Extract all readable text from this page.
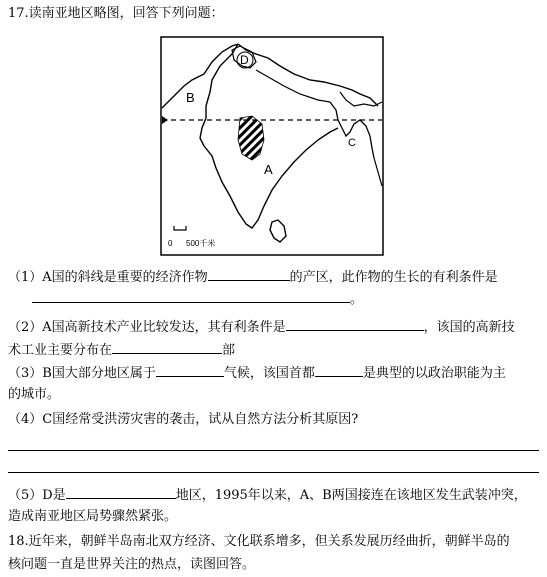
17.读南亚地区略图，回答下列问题：
A
B
C
D
0 500千米
（1）A国的斜线是重要的经济作物	的产区，此作物的生长的有利条件是
。
（2）A国高新技术产业比较发达，其有利条件是	，该国的高新技
术工业主要分布在	部
（3）B国大部分地区属于	气候，该国首都	是典型的以政治职能为主
的城市。
（4）C国经常受洪涝灾害的袭击，试从自然方法分析其原因?
（5）D是	地区，1995年以来，A、B两国接连在该地区发生武装冲突，
造成南亚地区局势骤然紧张。
18.近年来，朝鲜半岛南北双方经济、文化联系增多，但关系发展历经曲折，朝鲜半岛的
核问题一直是世界关注的热点，读图回答。
